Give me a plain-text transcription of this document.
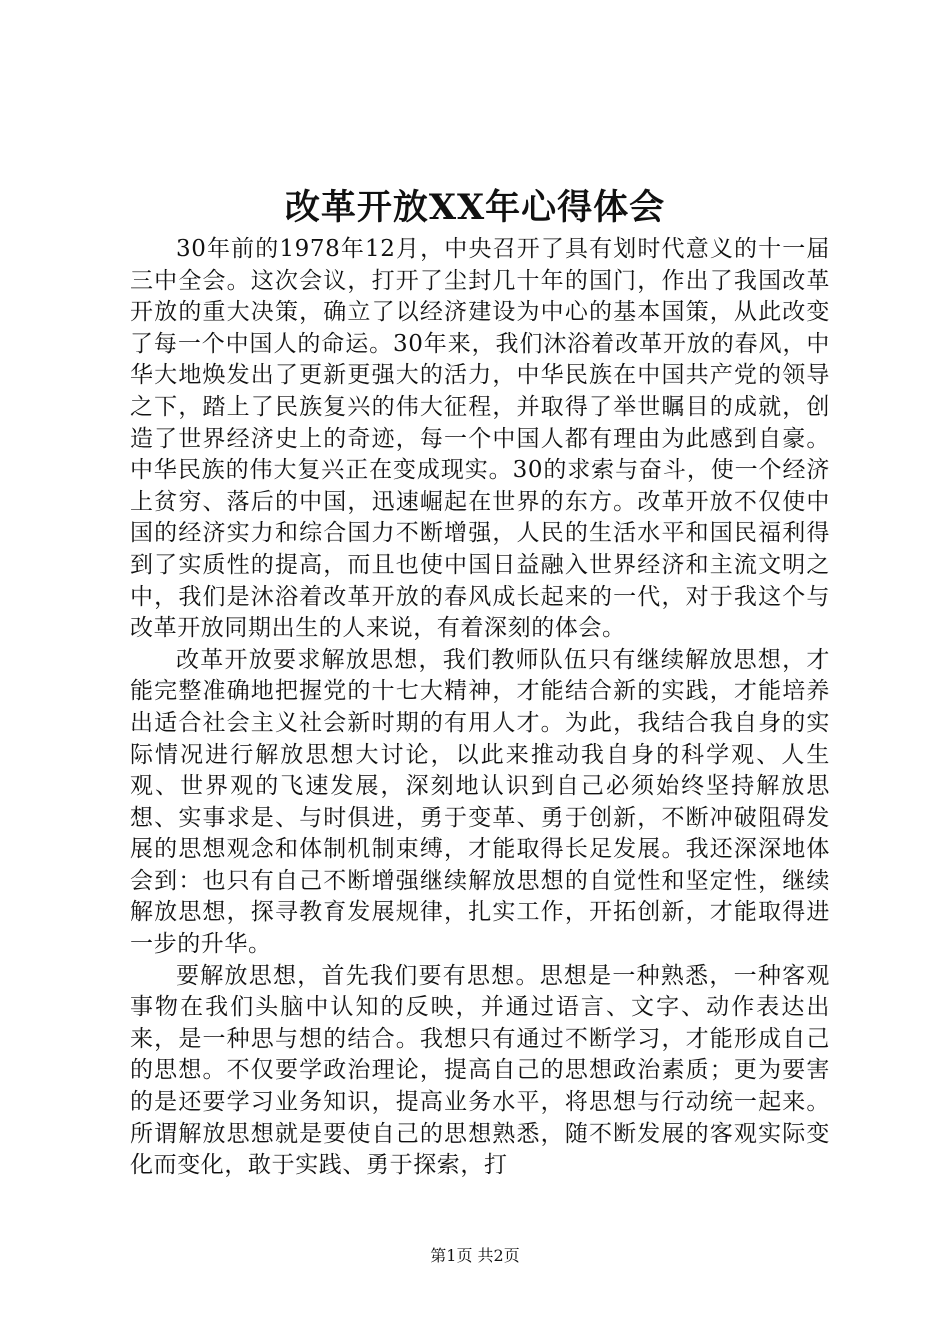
改革开放XX年心得体会

30年前的1978年12月，中央召开了具有划时代意义的十一届三中全会。这次会议，打开了尘封几十年的国门，作出了我国改革开放的重大决策，确立了以经济建设为中心的基本国策，从此改变了每一个中国人的命运。30年来，我们沐浴着改革开放的春风，中华大地焕发出了更新更强大的活力，中华民族在中国共产党的领导之下，踏上了民族复兴的伟大征程，并取得了举世瞩目的成就，创造了世界经济史上的奇迹，每一个中国人都有理由为此感到自豪。中华民族的伟大复兴正在变成现实。30的求索与奋斗，使一个经济上贫穷、落后的中国，迅速崛起在世界的东方。改革开放不仅使中国的经济实力和综合国力不断增强，人民的生活水平和国民福利得到了实质性的提高，而且也使中国日益融入世界经济和主流文明之中，我们是沐浴着改革开放的春风成长起来的一代，对于我这个与改革开放同期出生的人来说，有着深刻的体会。

改革开放要求解放思想，我们教师队伍只有继续解放思想，才能完整准确地把握党的十七大精神，才能结合新的实践，才能培养出适合社会主义社会新时期的有用人才。为此，我结合我自身的实际情况进行解放思想大讨论，以此来推动我自身的科学观、人生观、世界观的飞速发展，深刻地认识到自己必须始终坚持解放思想、实事求是、与时俱进，勇于变革、勇于创新，不断冲破阻碍发展的思想观念和体制机制束缚，才能取得长足发展。我还深深地体会到：也只有自己不断增强继续解放思想的自觉性和坚定性，继续解放思想，探寻教育发展规律，扎实工作，开拓创新，才能取得进一步的升华。

要解放思想，首先我们要有思想。思想是一种熟悉，一种客观事物在我们头脑中认知的反映，并通过语言、文字、动作表达出来，是一种思与想的结合。我想只有通过不断学习，才能形成自己的思想。不仅要学政治理论，提高自己的思想政治素质；更为要害的是还要学习业务知识，提高业务水平，将思想与行动统一起来。所谓解放思想就是要使自己的思想熟悉，随不断发展的客观实际变化而变化，敢于实践、勇于探索，打

第1页 共2页
